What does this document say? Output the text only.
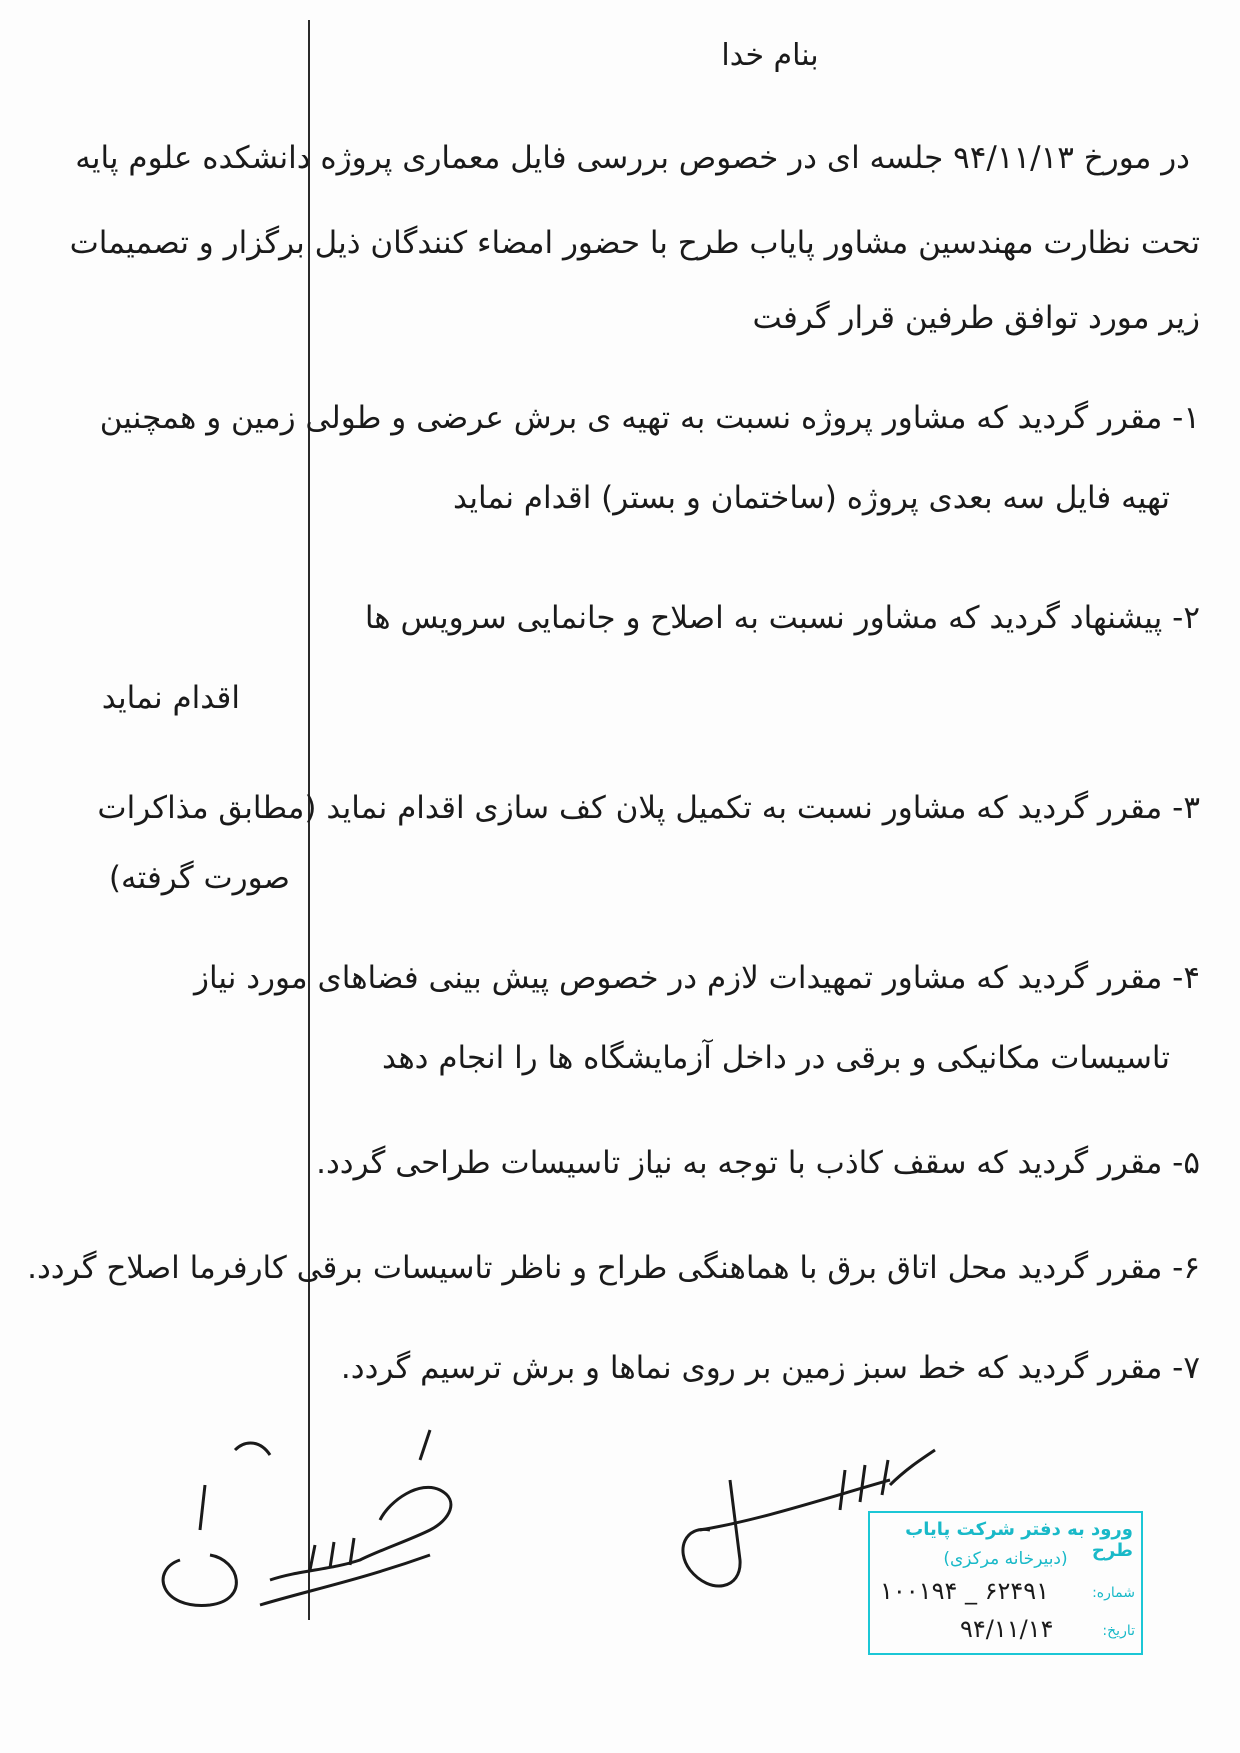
بنام خدا
در مورخ ۹۴/۱۱/۱۳ جلسه ای در خصوص بررسی فایل معماری پروژه دانشکده علوم پایه
تحت نظارت مهندسین مشاور پایاب طرح با حضور امضاء کنندگان ذیل برگزار و تصمیمات
زیر مورد توافق طرفین قرار گرفت
۱- مقرر گردید که مشاور پروژه نسبت به تهیه ی برش عرضی و طولی زمین و همچنین
تهیه فایل سه بعدی پروژه (ساختمان و بستر) اقدام نماید
۲- پیشنهاد گردید که مشاور نسبت به اصلاح و جانمایی سرویس ها
اقدام نماید
۳- مقرر گردید که مشاور نسبت به تکمیل پلان کف سازی اقدام نماید (مطابق مذاکرات
صورت گرفته)
۴- مقرر گردید که مشاور تمهیدات لازم در خصوص پیش بینی فضاهای مورد نیاز
تاسیسات مکانیکی و برقی در داخل آزمایشگاه ها را انجام دهد
۵- مقرر گردید که سقف کاذب با توجه به نیاز تاسیسات طراحی گردد.
۶- مقرر گردید محل اتاق برق با هماهنگی طراح و ناظر تاسیسات برقی کارفرما اصلاح گردد.
۷- مقرر گردید که خط سبز زمین بر روی نماها و برش ترسیم گردد.
ورود به دفتر شرکت پایاب طرح
(دبیرخانه مرکزی)
شماره:
۱۰۰۱۹۴ _ ۶۲۴۹۱
تاریخ:
۹۴/۱۱/۱۴
